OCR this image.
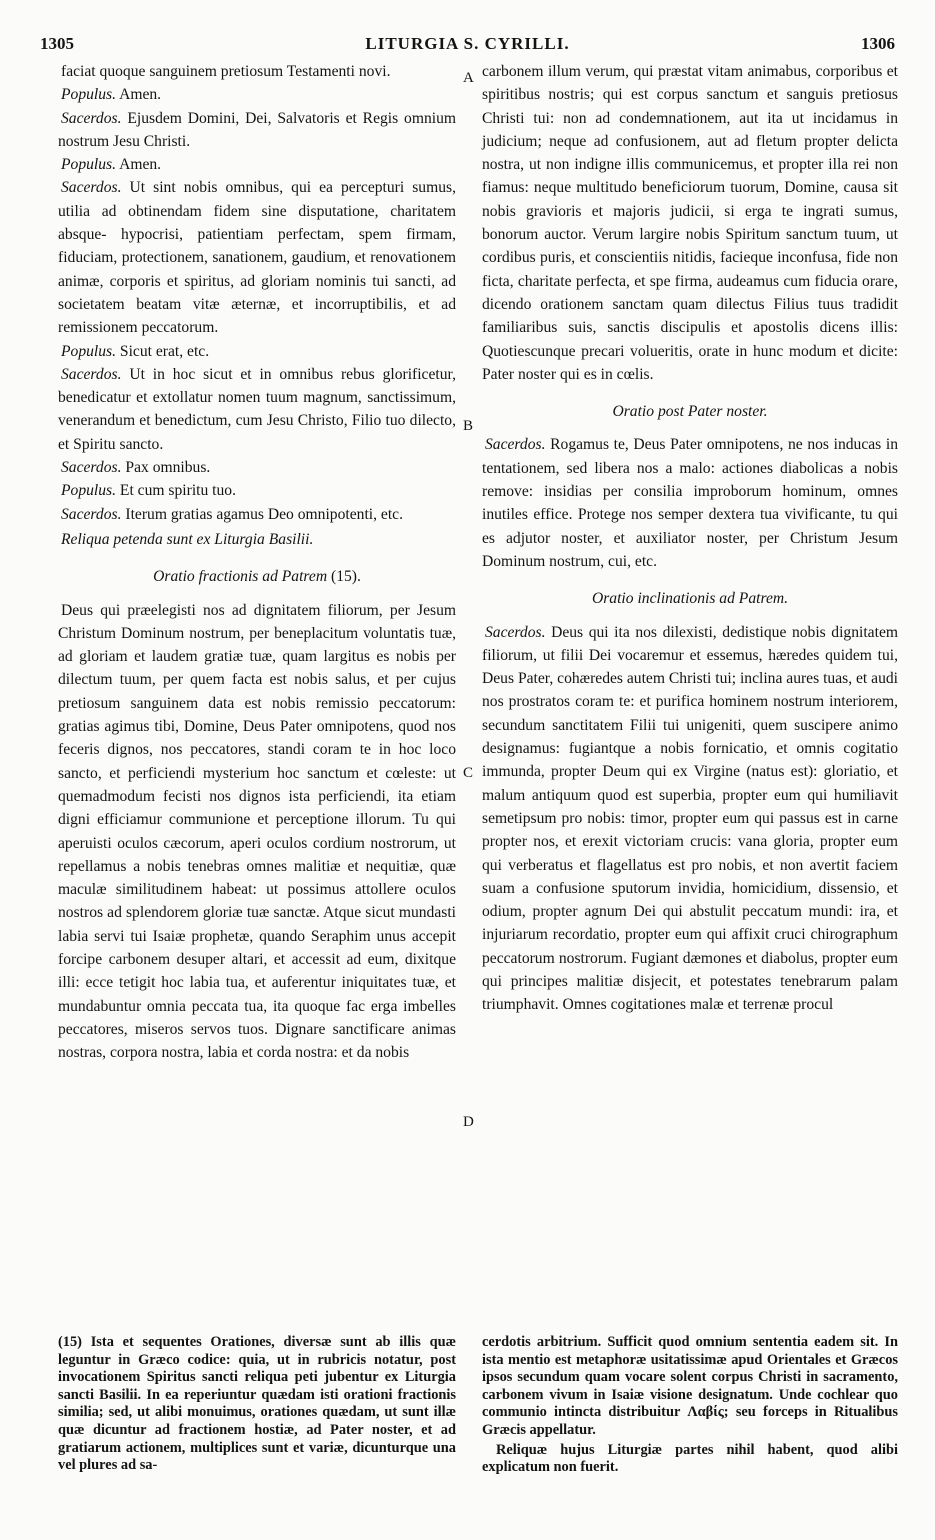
1305	LITURGIA S. CYRILLI.	1306
A
B
C
D

faciat quoque sanguinem pretiosum Testamenti novi.

Populus. Amen.

Sacerdos. Ejusdem Domini, Dei, Salvatoris et Regis omnium nostrum Jesu Christi.

Populus. Amen.

Sacerdos. Ut sint nobis omnibus, qui ea percepturi sumus, utilia ad obtinendam fidem sine disputatione, charitatem absque- hypocrisi, patientiam perfectam, spem firmam, fiduciam, protectionem, sanationem, gaudium, et renovationem animæ, corporis et spiritus, ad gloriam nominis tui sancti, ad societatem beatam vitæ æternæ, et incorruptibilis, et ad remissionem peccatorum.

Populus. Sicut erat, etc.

Sacerdos. Ut in hoc sicut et in omnibus rebus glorificetur, benedicatur et extollatur nomen tuum magnum, sanctissimum, venerandum et benedictum, cum Jesu Christo, Filio tuo dilecto, et Spiritu sancto.

Sacerdos. Pax omnibus.

Populus. Et cum spiritu tuo.

Sacerdos. Iterum gratias agamus Deo omnipotenti, etc.

Reliqua petenda sunt ex Liturgia Basilii.

Oratio fractionis ad Patrem (15).

Deus qui præelegisti nos ad dignitatem filiorum, per Jesum Christum Dominum nostrum, per beneplacitum voluntatis tuæ, ad gloriam et laudem gratiæ tuæ, quam largitus es nobis per dilectum tuum, per quem facta est nobis salus, et per cujus pretiosum sanguinem data est nobis remissio peccatorum: gratias agimus tibi, Domine, Deus Pater omnipotens, quod nos feceris dignos, nos peccatores, standi coram te in hoc loco sancto, et perficiendi mysterium hoc sanctum et cœleste: ut quemadmodum fecisti nos dignos ista perficiendi, ita etiam digni efficiamur communione et perceptione illorum. Tu qui aperuisti oculos cæcorum, aperi oculos cordium nostrorum, ut repellamus a nobis tenebras omnes malitiæ et nequitiæ, quæ maculæ similitudinem habeat: ut possimus attollere oculos nostros ad splendorem gloriæ tuæ sanctæ. Atque sicut mundasti labia servi tui Isaiæ prophetæ, quando Seraphim unus accepit forcipe carbonem desuper altari, et accessit ad eum, dixitque illi: ecce tetigit hoc labia tua, et auferentur iniquitates tuæ, et mundabuntur omnia peccata tua, ita quoque fac erga imbelles peccatores, miseros servos tuos. Dignare sanctificare animas nostras, corpora nostra, labia et corda nostra: et da nobis

carbonem illum verum, qui præstat vitam animabus, corporibus et spiritibus nostris; qui est corpus sanctum et sanguis pretiosus Christi tui: non ad condemnationem, aut ita ut incidamus in judicium; neque ad confusionem, aut ad fletum propter delicta nostra, ut non indigne illis communicemus, et propter illa rei non fiamus: neque multitudo beneficiorum tuorum, Domine, causa sit nobis gravioris et majoris judicii, si erga te ingrati sumus, bonorum auctor. Verum largire nobis Spiritum sanctum tuum, ut cordibus puris, et conscientiis nitidis, facieque inconfusa, fide non ficta, charitate perfecta, et spe firma, audeamus cum fiducia orare, dicendo orationem sanctam quam dilectus Filius tuus tradidit familiaribus suis, sanctis discipulis et apostolis dicens illis: Quotiescunque precari volueritis, orate in hunc modum et dicite: Pater noster qui es in cœlis.

Oratio post Pater noster.

Sacerdos. Rogamus te, Deus Pater omnipotens, ne nos inducas in tentationem, sed libera nos a malo: actiones diabolicas a nobis remove: insidias per consilia improborum hominum, omnes inutiles effice. Protege nos semper dextera tua vivificante, tu qui es adjutor noster, et auxiliator noster, per Christum Jesum Dominum nostrum, cui, etc.

Oratio inclinationis ad Patrem.

Sacerdos. Deus qui ita nos dilexisti, dedistique nobis dignitatem filiorum, ut filii Dei vocaremur et essemus, hæredes quidem tui, Deus Pater, cohæredes autem Christi tui; inclina aures tuas, et audi nos prostratos coram te: et purifica hominem nostrum interiorem, secundum sanctitatem Filii tui unigeniti, quem suscipere animo designamus: fugiantque a nobis fornicatio, et omnis cogitatio immunda, propter Deum qui ex Virgine (natus est): gloriatio, et malum antiquum quod est superbia, propter eum qui humiliavit semetipsum pro nobis: timor, propter eum qui passus est in carne propter nos, et erexit victoriam crucis: vana gloria, propter eum qui verberatus et flagellatus est pro nobis, et non avertit faciem suam a confusione sputorum invidia, homicidium, dissensio, et odium, propter agnum Dei qui abstulit peccatum mundi: ira, et injuriarum recordatio, propter eum qui affixit cruci chirographum peccatorum nostrorum. Fugiant dæmones et diabolus, propter eum qui principes malitiæ disjecit, et potestates tenebrarum palam triumphavit. Omnes cogitationes malæ et terrenæ procul

(15) Ista et sequentes Orationes, diversæ sunt ab illis quæ leguntur in Græco codice: quia, ut in rubricis notatur, post invocationem Spiritus sancti reliqua peti jubentur ex Liturgia sancti Basilii. In ea reperiuntur quædam isti orationi fractionis similia; sed, ut alibi monuimus, orationes quædam, ut sunt illæ quæ dicuntur ad fractionem hostiæ, ad Pater noster, et ad gratiarum actionem, multiplices sunt et variæ, dicunturque una vel plures ad sa-

cerdotis arbitrium. Sufficit quod omnium sententia eadem sit. In ista mentio est metaphoræ usitatissimæ apud Orientales et Græcos ipsos secundum quam vocare solent corpus Christi in sacramento, carbonem vivum in Isaiæ visione designatum. Unde cochlear quo communio intincta distribuitur Λαβίς; seu forceps in Ritualibus Græcis appellatur.

Reliquæ hujus Liturgiæ partes nihil habent, quod alibi explicatum non fuerit.
